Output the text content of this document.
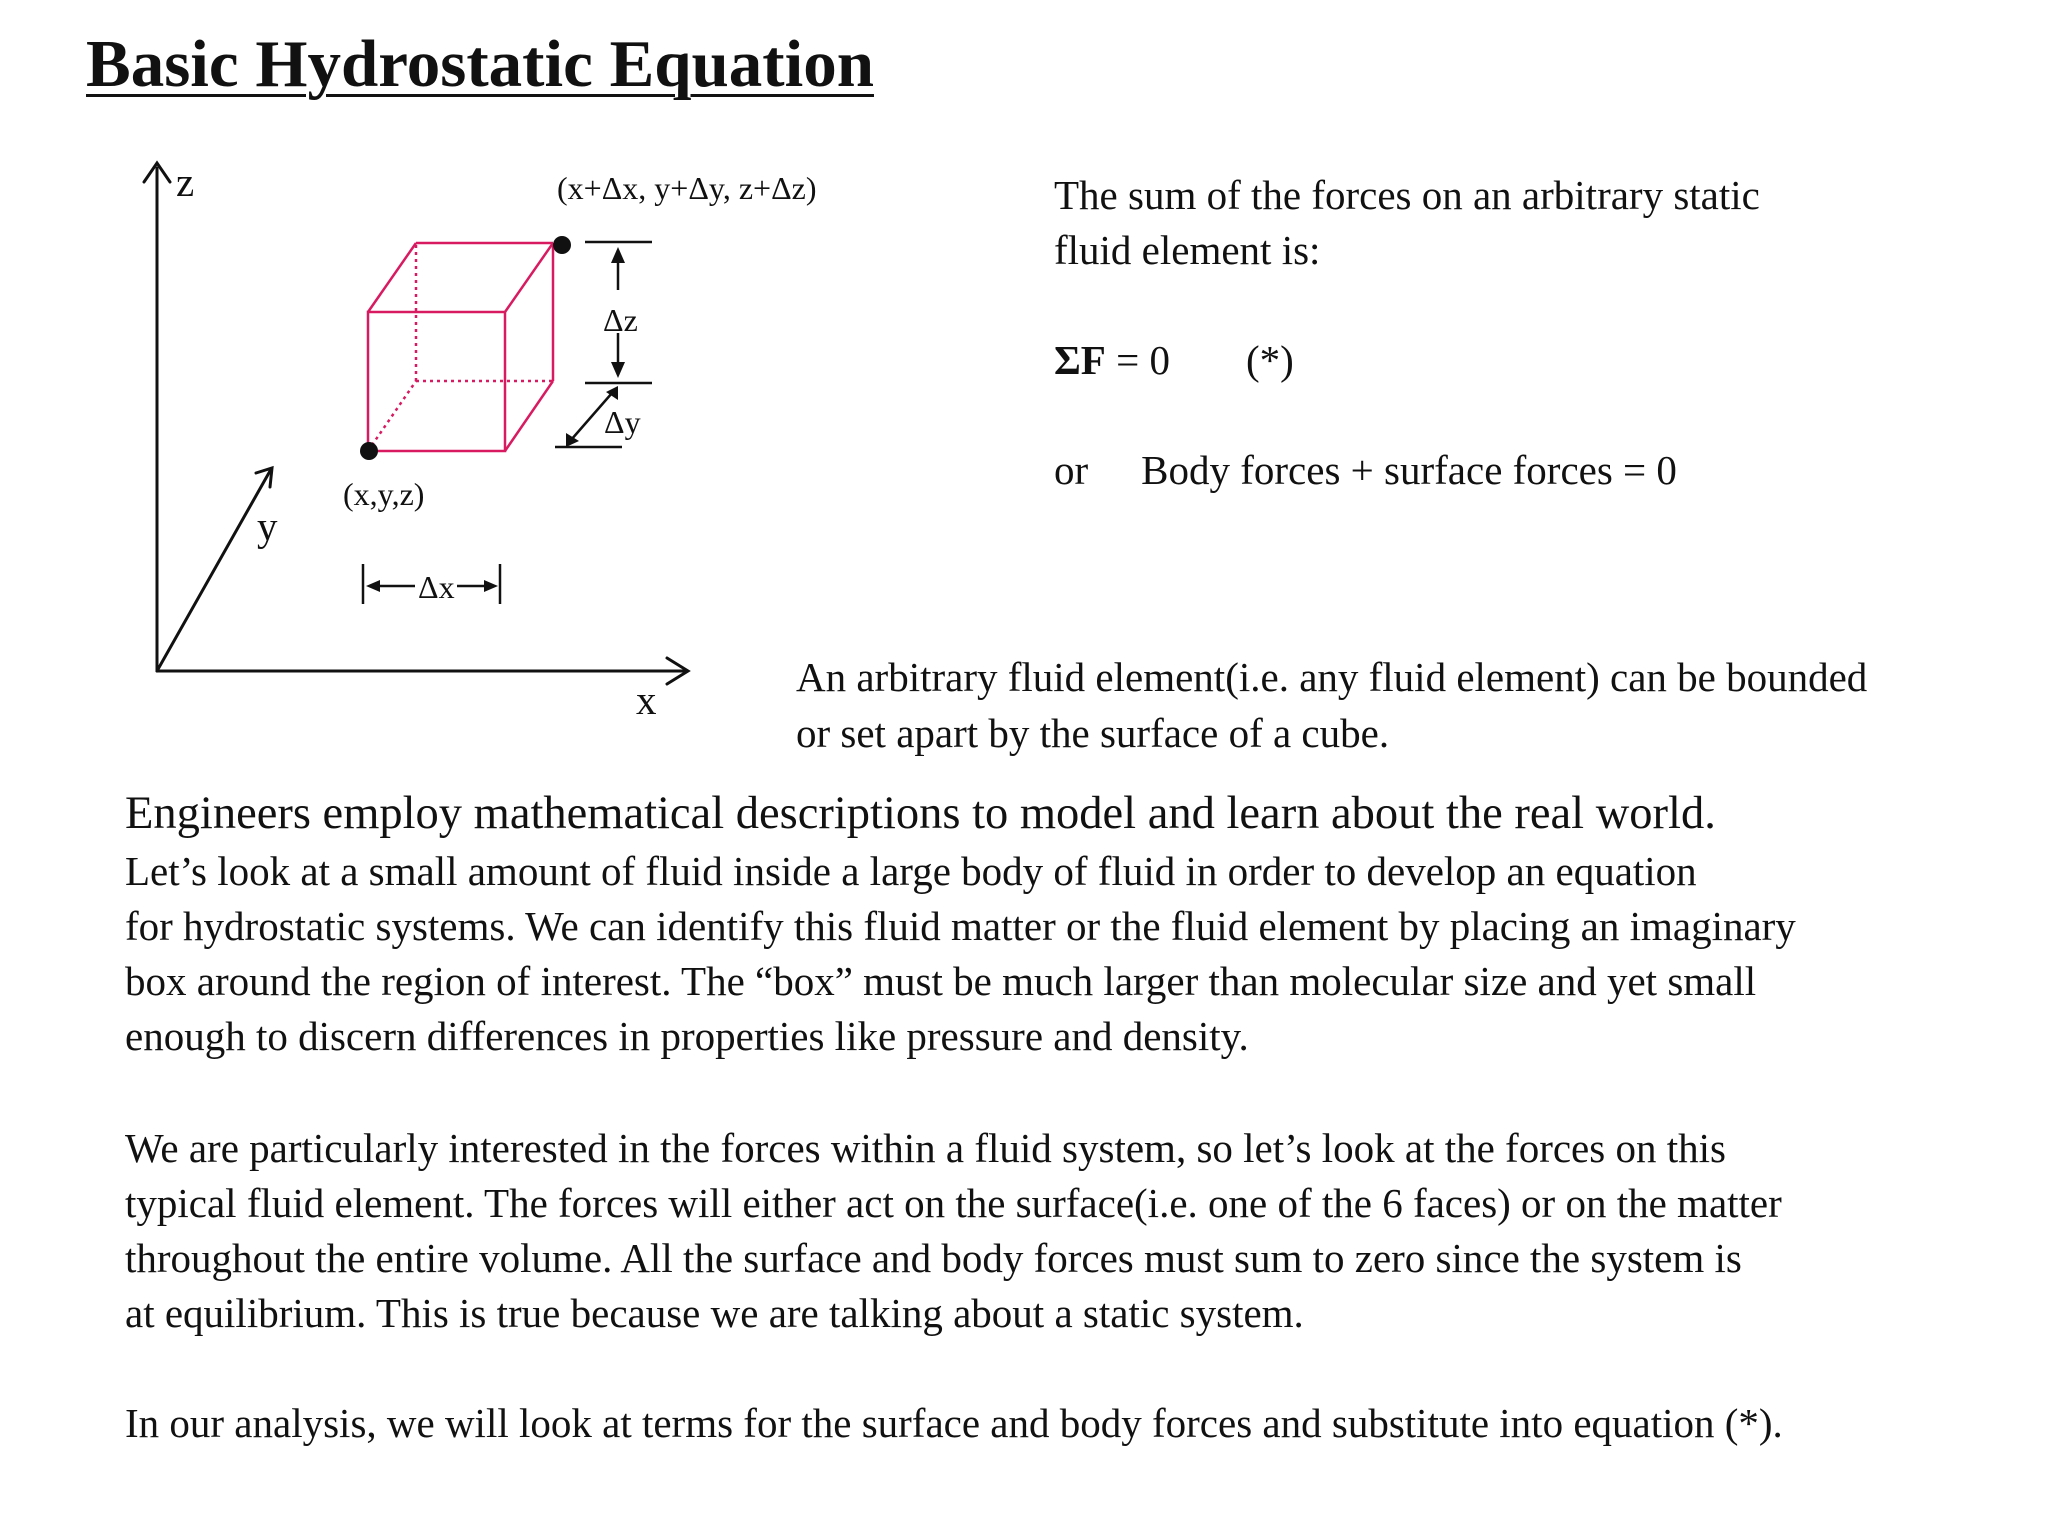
Basic Hydrostatic Equation
z
y
x
(x,y,z)
(x+Δx, y+Δy, z+Δz)
Δz
Δy
Δx
The sum of the forces on an arbitrary static
fluid element is:
ΣF = 0 (*)
or Body forces + surface forces = 0
An arbitrary fluid element(i.e. any fluid element) can be bounded
or set apart by the surface of a cube.
Engineers employ mathematical descriptions to model and learn about the real world.
Let’s look at a small amount of fluid inside a large body of fluid in order to develop an equation
for hydrostatic systems. We can identify this fluid matter or the fluid element by placing an imaginary
box around the region of interest. The “box” must be much larger than molecular size and yet small
enough to discern differences in properties like pressure and density.
We are particularly interested in the forces within a fluid system, so let’s look at the forces on this
typical fluid element. The forces will either act on the surface(i.e. one of the 6 faces) or on the matter
throughout the entire volume. All the surface and body forces must sum to zero since the system is
at equilibrium. This is true because we are talking about a static system.
In our analysis, we will look at terms for the surface and body forces and substitute into equation (*).
